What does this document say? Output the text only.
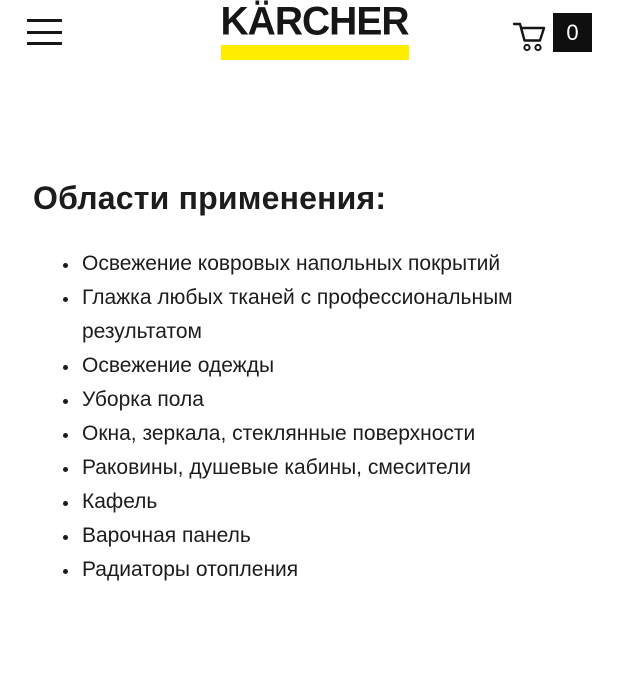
KÄRCHER	0
Области применения:
• Освежение ковровых напольных покрытий
• Глажка любых тканей с профессиональным результатом
• Освежение одежды
• Уборка пола
• Окна, зеркала, стеклянные поверхности
• Раковины, душевые кабины, смесители
• Кафель
• Варочная панель
• Радиаторы отопления
